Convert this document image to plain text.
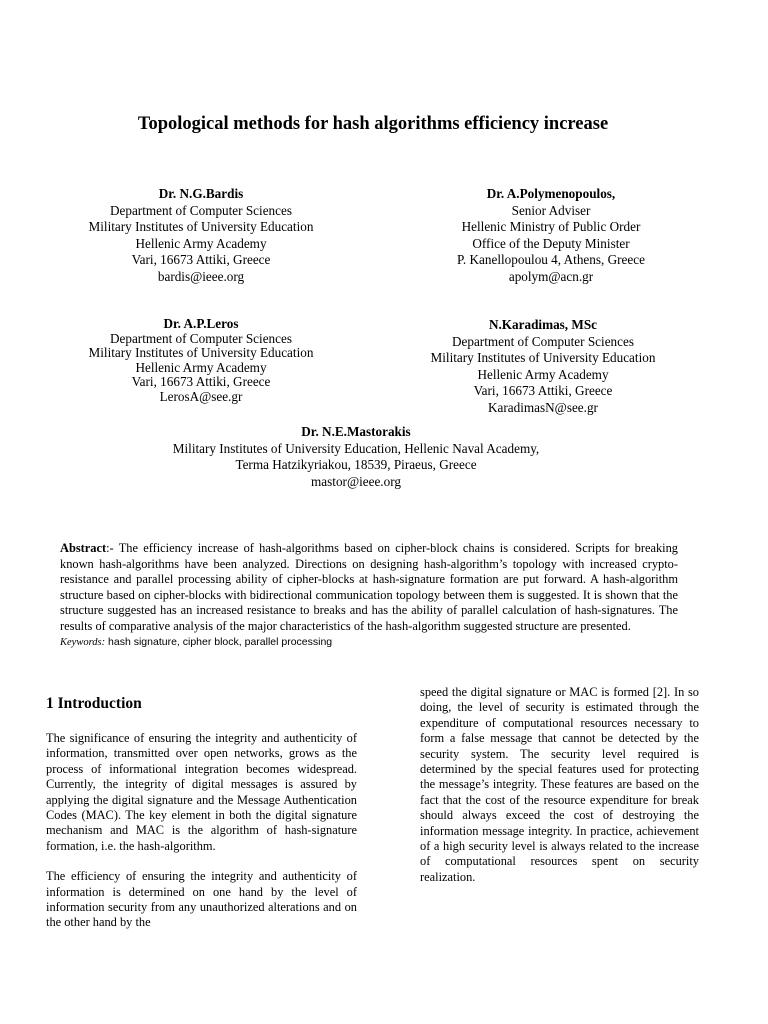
Topological methods for hash algorithms efficiency increase
Dr. N.G.Bardis
Department of Computer Sciences
Military Institutes of University Education
Hellenic Army Academy
Vari, 16673 Attiki, Greece
bardis@ieee.org
Dr. A.Polymenopoulos,
Senior Adviser
Hellenic Ministry of Public Order
Office of the Deputy Minister
P. Kanellopoulou 4, Athens, Greece
apolym@acn.gr
Dr. A.P.Leros
Department of Computer Sciences
Military Institutes of University Education
Hellenic Army Academy
Vari, 16673 Attiki, Greece
LerosA@see.gr
N.Karadimas, MSc
Department of Computer Sciences
Military Institutes of University Education
Hellenic Army Academy
Vari, 16673 Attiki, Greece
KaradimasN@see.gr
Dr. N.E.Mastorakis
Military Institutes of University Education, Hellenic Naval Academy,
Terma Hatzikyriakou, 18539, Piraeus, Greece
mastor@ieee.org
Abstract:- The efficiency increase of hash-algorithms based on cipher-block chains is considered. Scripts for breaking known hash-algorithms have been analyzed. Directions on designing hash-algorithm’s topology with increased crypto-resistance and parallel processing ability of cipher-blocks at hash-signature formation are put forward. A hash-algorithm structure based on cipher-blocks with bidirectional communication topology between them is suggested. It is shown that the structure suggested has an increased resistance to breaks and has the ability of parallel calculation of hash-signatures. The results of comparative analysis of the major characteristics of the hash-algorithm suggested structure are presented.
Keywords: hash signature, cipher block, parallel processing
1 Introduction

The significance of ensuring the integrity and authenticity of information, transmitted over open networks, grows as the process of informational integration becomes widespread. Currently, the integrity of digital messages is assured by applying the digital signature and the Message Authentication Codes (MAC). The key element in both the digital signature mechanism and MAC is the algorithm of hash-signature formation, i.e. the hash-algorithm.

The efficiency of ensuring the integrity and authenticity of information is determined on one hand by the level of information security from any unauthorized alterations and on the other hand by the

speed the digital signature or MAC is formed [2]. In so doing, the level of security is estimated through the expenditure of computational resources necessary to form a false message that cannot be detected by the security system. The security level required is determined by the special features used for protecting the message’s integrity. These features are based on the fact that the cost of the resource expenditure for break should always exceed the cost of destroying the information message integrity. In practice, achievement of a high security level is always related to the increase of computational resources spent on security realization.
